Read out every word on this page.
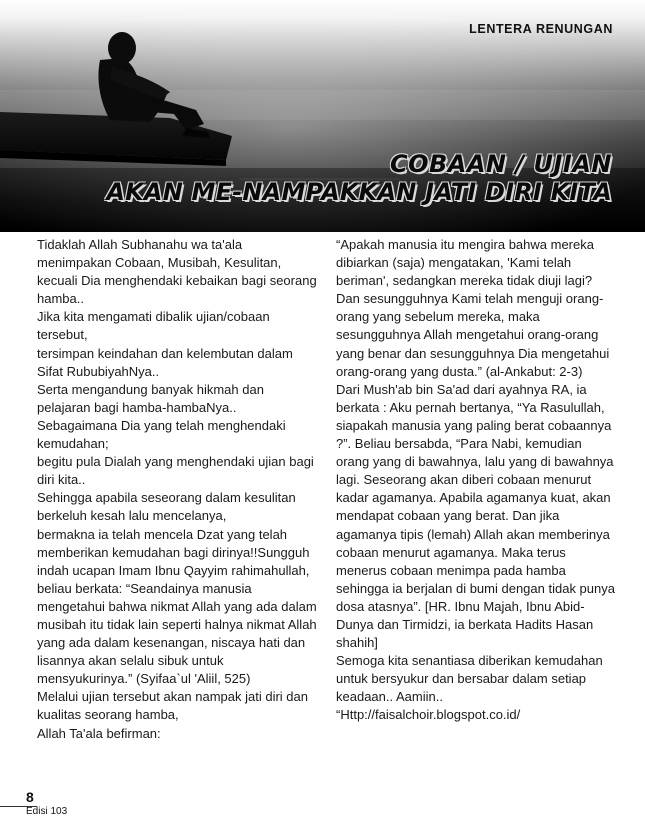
LENTERA RENUNGAN
COBAAN / UJIAN
AKAN ME-NAMPAKKAN JATI DIRI KITA

Tidaklah Allah Subhanahu wa ta'ala menimpakan Cobaan, Musibah, Kesulitan, kecuali Dia menghendaki kebaikan bagi seorang hamba..

Jika kita mengamati dibalik ujian/cobaan tersebut,

tersimpan keindahan dan kelembutan dalam Sifat RububiyahNya..

Serta mengandung banyak hikmah dan pelajaran bagi hamba-hambaNya..

Sebagaimana Dia yang telah menghendaki kemudahan;

begitu pula Dialah yang menghendaki ujian bagi diri kita..

Sehingga apabila seseorang dalam kesulitan berkeluh kesah lalu mencelanya,

bermakna ia telah mencela Dzat yang telah memberikan kemudahan bagi dirinya!!Sungguh indah ucapan Imam Ibnu Qayyim rahimahullah, beliau berkata: “Seandainya manusia mengetahui bahwa nikmat Allah yang ada dalam musibah itu tidak lain seperti halnya nikmat Allah yang ada dalam kesenangan, niscaya hati dan lisannya akan selalu sibuk untuk mensyukurinya.” (Syifaa`ul 'Aliil, 525)

Melalui ujian tersebut akan nampak jati diri dan kualitas seorang hamba,

Allah Ta'ala befirman:

“Apakah manusia itu mengira bahwa mereka dibiarkan (saja) mengatakan, 'Kami telah beriman', sedangkan mereka tidak diuji lagi? Dan sesungguhnya Kami telah menguji orang-orang yang sebelum mereka, maka sesungguhnya Allah mengetahui orang-orang yang benar dan sesungguhnya Dia mengetahui orang-orang yang dusta.” (al-Ankabut: 2-3)

Dari Mush'ab bin Sa'ad dari ayahnya RA, ia berkata : Aku pernah bertanya, “Ya Rasulullah, siapakah manusia yang paling berat cobaannya ?”. Beliau bersabda, “Para Nabi, kemudian orang yang di bawahnya, lalu yang di bawahnya lagi. Seseorang akan diberi cobaan menurut kadar agamanya. Apabila agamanya kuat, akan mendapat cobaan yang berat. Dan jika agamanya tipis (lemah) Allah akan memberinya cobaan menurut agamanya. Maka terus menerus cobaan menimpa pada hamba sehingga ia berjalan di bumi dengan tidak punya dosa atasnya”. [HR. Ibnu Majah, Ibnu Abid-Dunya dan Tirmidzi, ia berkata Hadits Hasan shahih]

Semoga kita senantiasa diberikan kemudahan untuk bersyukur dan bersabar dalam setiap keadaan.. Aamiin..

“Http://faisalchoir.blogspot.co.id/

8
Edisi 103
